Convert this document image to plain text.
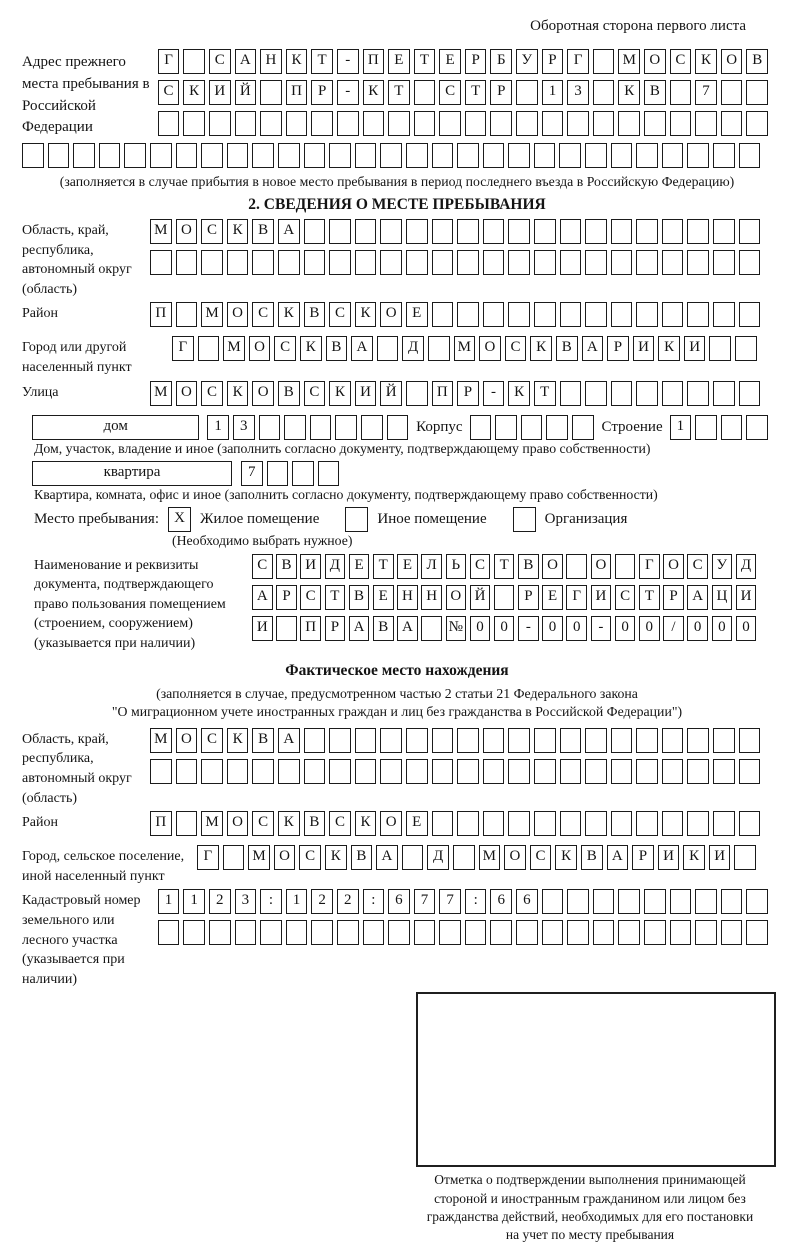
Оборотная сторона первого листа
Адрес прежнего места пребывания в Российской Федерации
Г	С А Н К Т - П Е Т Е Р Б У Р Г	М О С К О В
С К И Й	П Р - К Т	С Т Р	1 3	К В	7
(заполняется в случае прибытия в новое место пребывания в период последнего въезда в Российскую Федерацию)
2. СВЕДЕНИЯ О МЕСТЕ ПРЕБЫВАНИЯ
Область, край, республика, автономный округ (область)
М О С К В А
Район	П	М О С К В С К О Е
Город или другой населенный пункт
Г	М О С К В А	Д	М О С К В А Р И К И
Улица	М О С К О В С К И Й	П Р - К Т
дом	1 3	Корпус	Строение 1
Дом, участок, владение и иное (заполнить согласно документу, подтверждающему право собственности)
квартира	7
Квартира, комната, офис и иное (заполнить согласно документу, подтверждающему право собственности)
Место пребывания:	X	Жилое помещение	Иное помещение	Организация
(Необходимо выбрать нужное)
Наименование и реквизиты документа, подтверждающего право пользования помещением (строением, сооружением) (указывается при наличии)
С В И Д Е Т Е Л Ь С Т В О	О	Г О С У Д
А Р С Т В Е Н Н О Й	Р Е Г И С Т Р А Ц И
И	П Р А В А № 0 0 - 0 0 - 0 0 / 0 0 0
Фактическое место нахождения
(заполняется в случае, предусмотренном частью 2 статьи 21 Федерального закона
"О миграционном учете иностранных граждан и лиц без гражданства в Российской Федерации")
Область, край, республика, автономный округ (область)
М О С К В А
Район	П	М О С К В С К О Е
Город, сельское поселение, иной населенный пункт
Г	М О С К В А	Д	М О С К В А Р И К И
Кадастровый номер земельного или лесного участка (указывается при наличии)
1 1 2 3 : 1 2 2 : 6 7 7 : 6 6
Отметка о подтверждении выполнения принимающей
стороной и иностранным гражданином или лицом без
гражданства действий, необходимых для его постановки
на учет по месту пребывания
